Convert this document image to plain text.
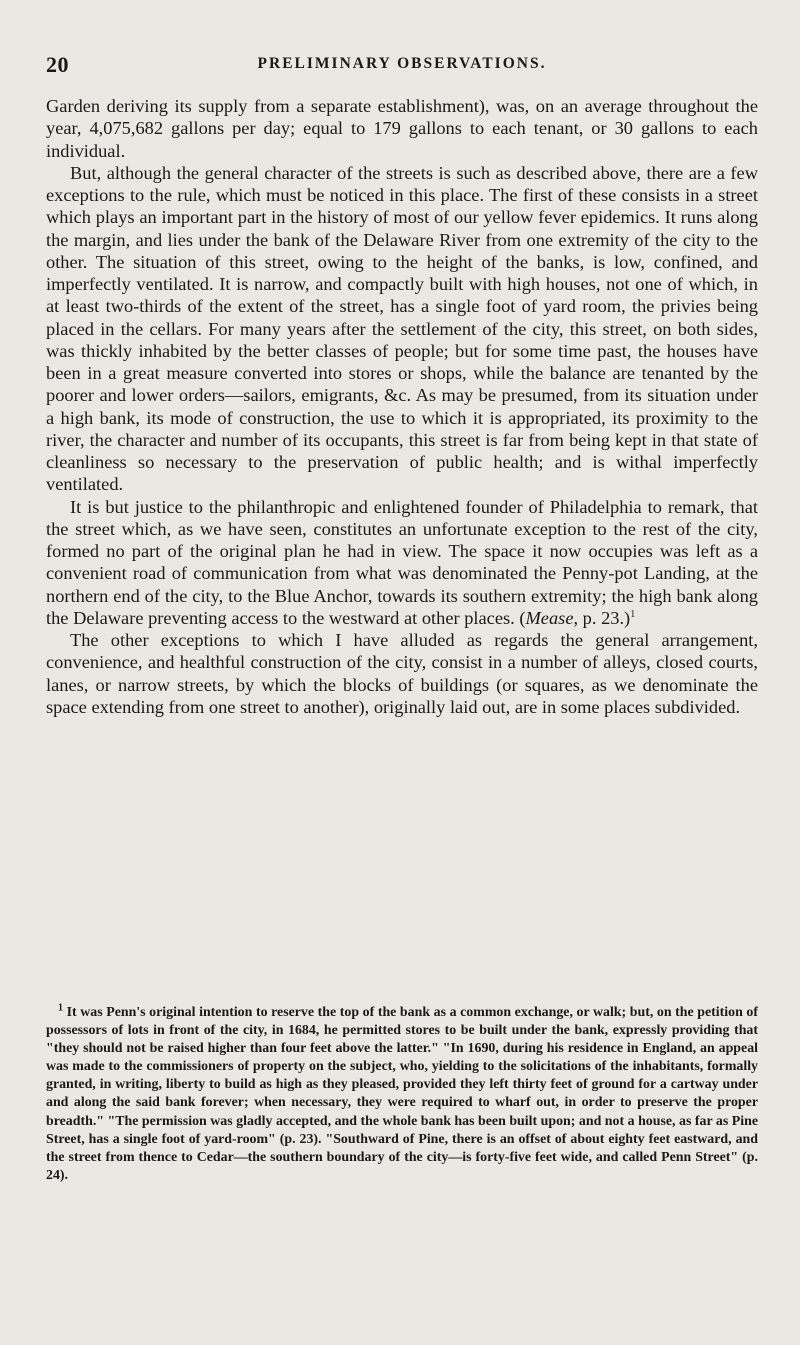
20	PRELIMINARY OBSERVATIONS.

Garden deriving its supply from a separate establishment), was, on an average throughout the year, 4,075,682 gallons per day; equal to 179 gallons to each tenant, or 30 gallons to each individual.

But, although the general character of the streets is such as described above, there are a few exceptions to the rule, which must be noticed in this place. The first of these consists in a street which plays an important part in the history of most of our yellow fever epidemics. It runs along the margin, and lies under the bank of the Delaware River from one extremity of the city to the other. The situation of this street, owing to the height of the banks, is low, confined, and imperfectly ventilated. It is narrow, and compactly built with high houses, not one of which, in at least two-thirds of the extent of the street, has a single foot of yard room, the privies being placed in the cellars. For many years after the settlement of the city, this street, on both sides, was thickly inhabited by the better classes of people; but for some time past, the houses have been in a great measure converted into stores or shops, while the balance are tenanted by the poorer and lower orders—sailors, emigrants, &c. As may be presumed, from its situation under a high bank, its mode of construction, the use to which it is appropriated, its proximity to the river, the character and number of its occupants, this street is far from being kept in that state of cleanliness so necessary to the preservation of public health; and is withal imperfectly ventilated.

It is but justice to the philanthropic and enlightened founder of Philadelphia to remark, that the street which, as we have seen, constitutes an unfortunate exception to the rest of the city, formed no part of the original plan he had in view. The space it now occupies was left as a convenient road of communication from what was denominated the Penny-pot Landing, at the northern end of the city, to the Blue Anchor, towards its southern extremity; the high bank along the Delaware preventing access to the westward at other places. (Mease, p. 23.)$^1$

The other exceptions to which I have alluded as regards the general arrangement, convenience, and healthful construction of the city, consist in a number of alleys, closed courts, lanes, or narrow streets, by which the blocks of buildings (or squares, as we denominate the space extending from one street to another), originally laid out, are in some places subdivided.

$^1$ It was Penn's original intention to reserve the top of the bank as a common exchange, or walk; but, on the petition of possessors of lots in front of the city, in 1684, he permitted stores to be built under the bank, expressly providing that "they should not be raised higher than four feet above the latter." "In 1690, during his residence in England, an appeal was made to the commissioners of property on the subject, who, yielding to the solicitations of the inhabitants, formally granted, in writing, liberty to build as high as they pleased, provided they left thirty feet of ground for a cartway under and along the said bank forever; when necessary, they were required to wharf out, in order to preserve the proper breadth." "The permission was gladly accepted, and the whole bank has been built upon; and not a house, as far as Pine Street, has a single foot of yard-room" (p. 23). "Southward of Pine, there is an offset of about eighty feet eastward, and the street from thence to Cedar—the southern boundary of the city—is forty-five feet wide, and called Penn Street" (p. 24).
